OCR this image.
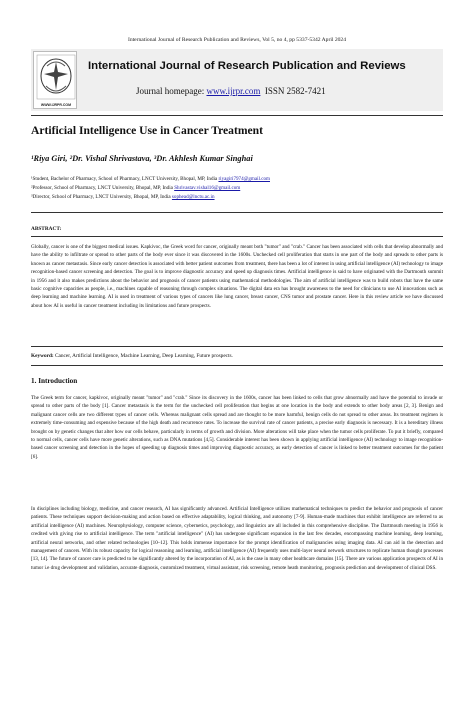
International Journal of Research Publication and Reviews, Vol 5, no 4, pp 5337-5342 April 2024
WWW.IJRPR.COM
International Journal of Research Publication and Reviews
Journal homepage: www.ijrpr.com ISSN 2582-7421
Artificial Intelligence Use in Cancer Treatment
¹Riya Giri, ²Dr. Vishal Shrivastava, ³Dr. Akhlesh Kumar Singhai
¹Student, Bachelor of Pharmacy, School of Pharmacy, LNCT University, Bhopal, MP, India riyagiri7974@gmail.com
²Professor, School of Pharmacy, LNCT University, Bhopal, MP, India Shrivastav.vishal16@gmail.com
³Director, School of Pharmacy, LNCT University, Bhopal, MP, India sophead@lnctu.ac.in
ABSTRACT:
Globally, cancer is one of the biggest medical issues. Kapkivoc, the Greek word for cancer, originally meant both "tumor" and "crab." Cancer has been associated with cells that develop abnormally and have the ability to infiltrate or spread to other parts of the body ever since it was discovered in the 1600s. Unchecked cell proliferation that starts in one part of the body and spreads to other parts is known as cancer metastasis. Since early cancer detection is associated with better patient outcomes from treatment, there has been a lot of interest in using artificial intelligence (AI) technology to image recognition-based cancer screening and detection. The goal is to improve diagnostic accuracy and speed up diagnosis times. Artificial intelligence is said to have originated with the Dartmouth summit in 1956 and it also makes predictions about the behavior and prognosis of cancer patients using mathematical methodologies. The aim of artificial intelligence was to build robots that have the same basic cognitive capacities as people, i.e., machines capable of reasoning through complex situations. The digital data era has brought awareness to the need for clinicians to use AI innovations such as deep learning and machine learning. AI is used in treatment of various types of cancers like lung cancer, breast cancer, CNS tumor and prostate cancer. Here in this review article we have discussed about how AI is useful in cancer treatment including its limitations and future prospects.
Keyword: Cancer, Artificial Intelligence, Machine Learning, Deep Learning, Future prospects.
1. Introduction
The Greek term for cancer, kapkivoc, originally meant "tumor" and "crab." Since its discovery in the 1600s, cancer has been linked to cells that grow abnormally and have the potential to invade or spread to other parts of the body [1]. Cancer metastasis is the term for the unchecked cell proliferation that begins at one location in the body and extends to other body areas [2, 3]. Benign and malignant cancer cells are two different types of cancer cells. Whereas malignant cells spread and are thought to be more harmful, benign cells do not spread to other areas. Its treatment regimen is extremely time-consuming and expensive because of the high death and recurrence rates. To increase the survival rate of cancer patients, a precise early diagnosis is necessary. It is a hereditary illness brought on by genetic changes that alter how our cells behave, particularly in terms of growth and division. More alterations will take place when the tumor cells proliferate. To put it briefly, compared to normal cells, cancer cells have more genetic alterations, such as DNA mutations [4,5]. Considerable interest has been shown in applying artificial intelligence (AI) technology to image recognition-based cancer screening and detection in the hopes of speeding up diagnosis times and improving diagnostic accuracy, as early detection of cancer is linked to better treatment outcomes for the patient [6].
In disciplines including biology, medicine, and cancer research, AI has significantly advanced. Artificial Intelligence utilizes mathematical techniques to predict the behavior and prognosis of cancer patients. These techniques support decision-making and action based on effective adaptability, logical thinking, and autonomy [7-9]. Human-made machines that exhibit intelligence are referred to as artificial intelligence (AI) machines. Neurophysiology, computer science, cybernetics, psychology, and linguistics are all included in this comprehensive discipline. The Dartmouth meeting in 1956 is credited with giving rise to artificial intelligence. The term "artificial intelligence" (AI) has undergone significant expansion in the last few decades, encompassing machine learning, deep learning, artificial neural networks, and other related technologies [10–12]. This holds immense importance for the prompt identification of malignancies using imaging data. AI can aid in the detection and management of cancers. With its robust capacity for logical reasoning and learning, artificial intelligence (AI) frequently uses multi-layer neural network structures to replicate human thought processes [13, 14]. The future of cancer care is predicted to be significantly altered by the incorporation of AI, as is the case in many other healthcare domains [15]. There are various application prospects of AI in tumor i.e drug development and validation, accurate diagnosis, customized treatment, virtual assistant, risk screening, remote heath monitoring, prognosis prediction and development of clinical DSS.
